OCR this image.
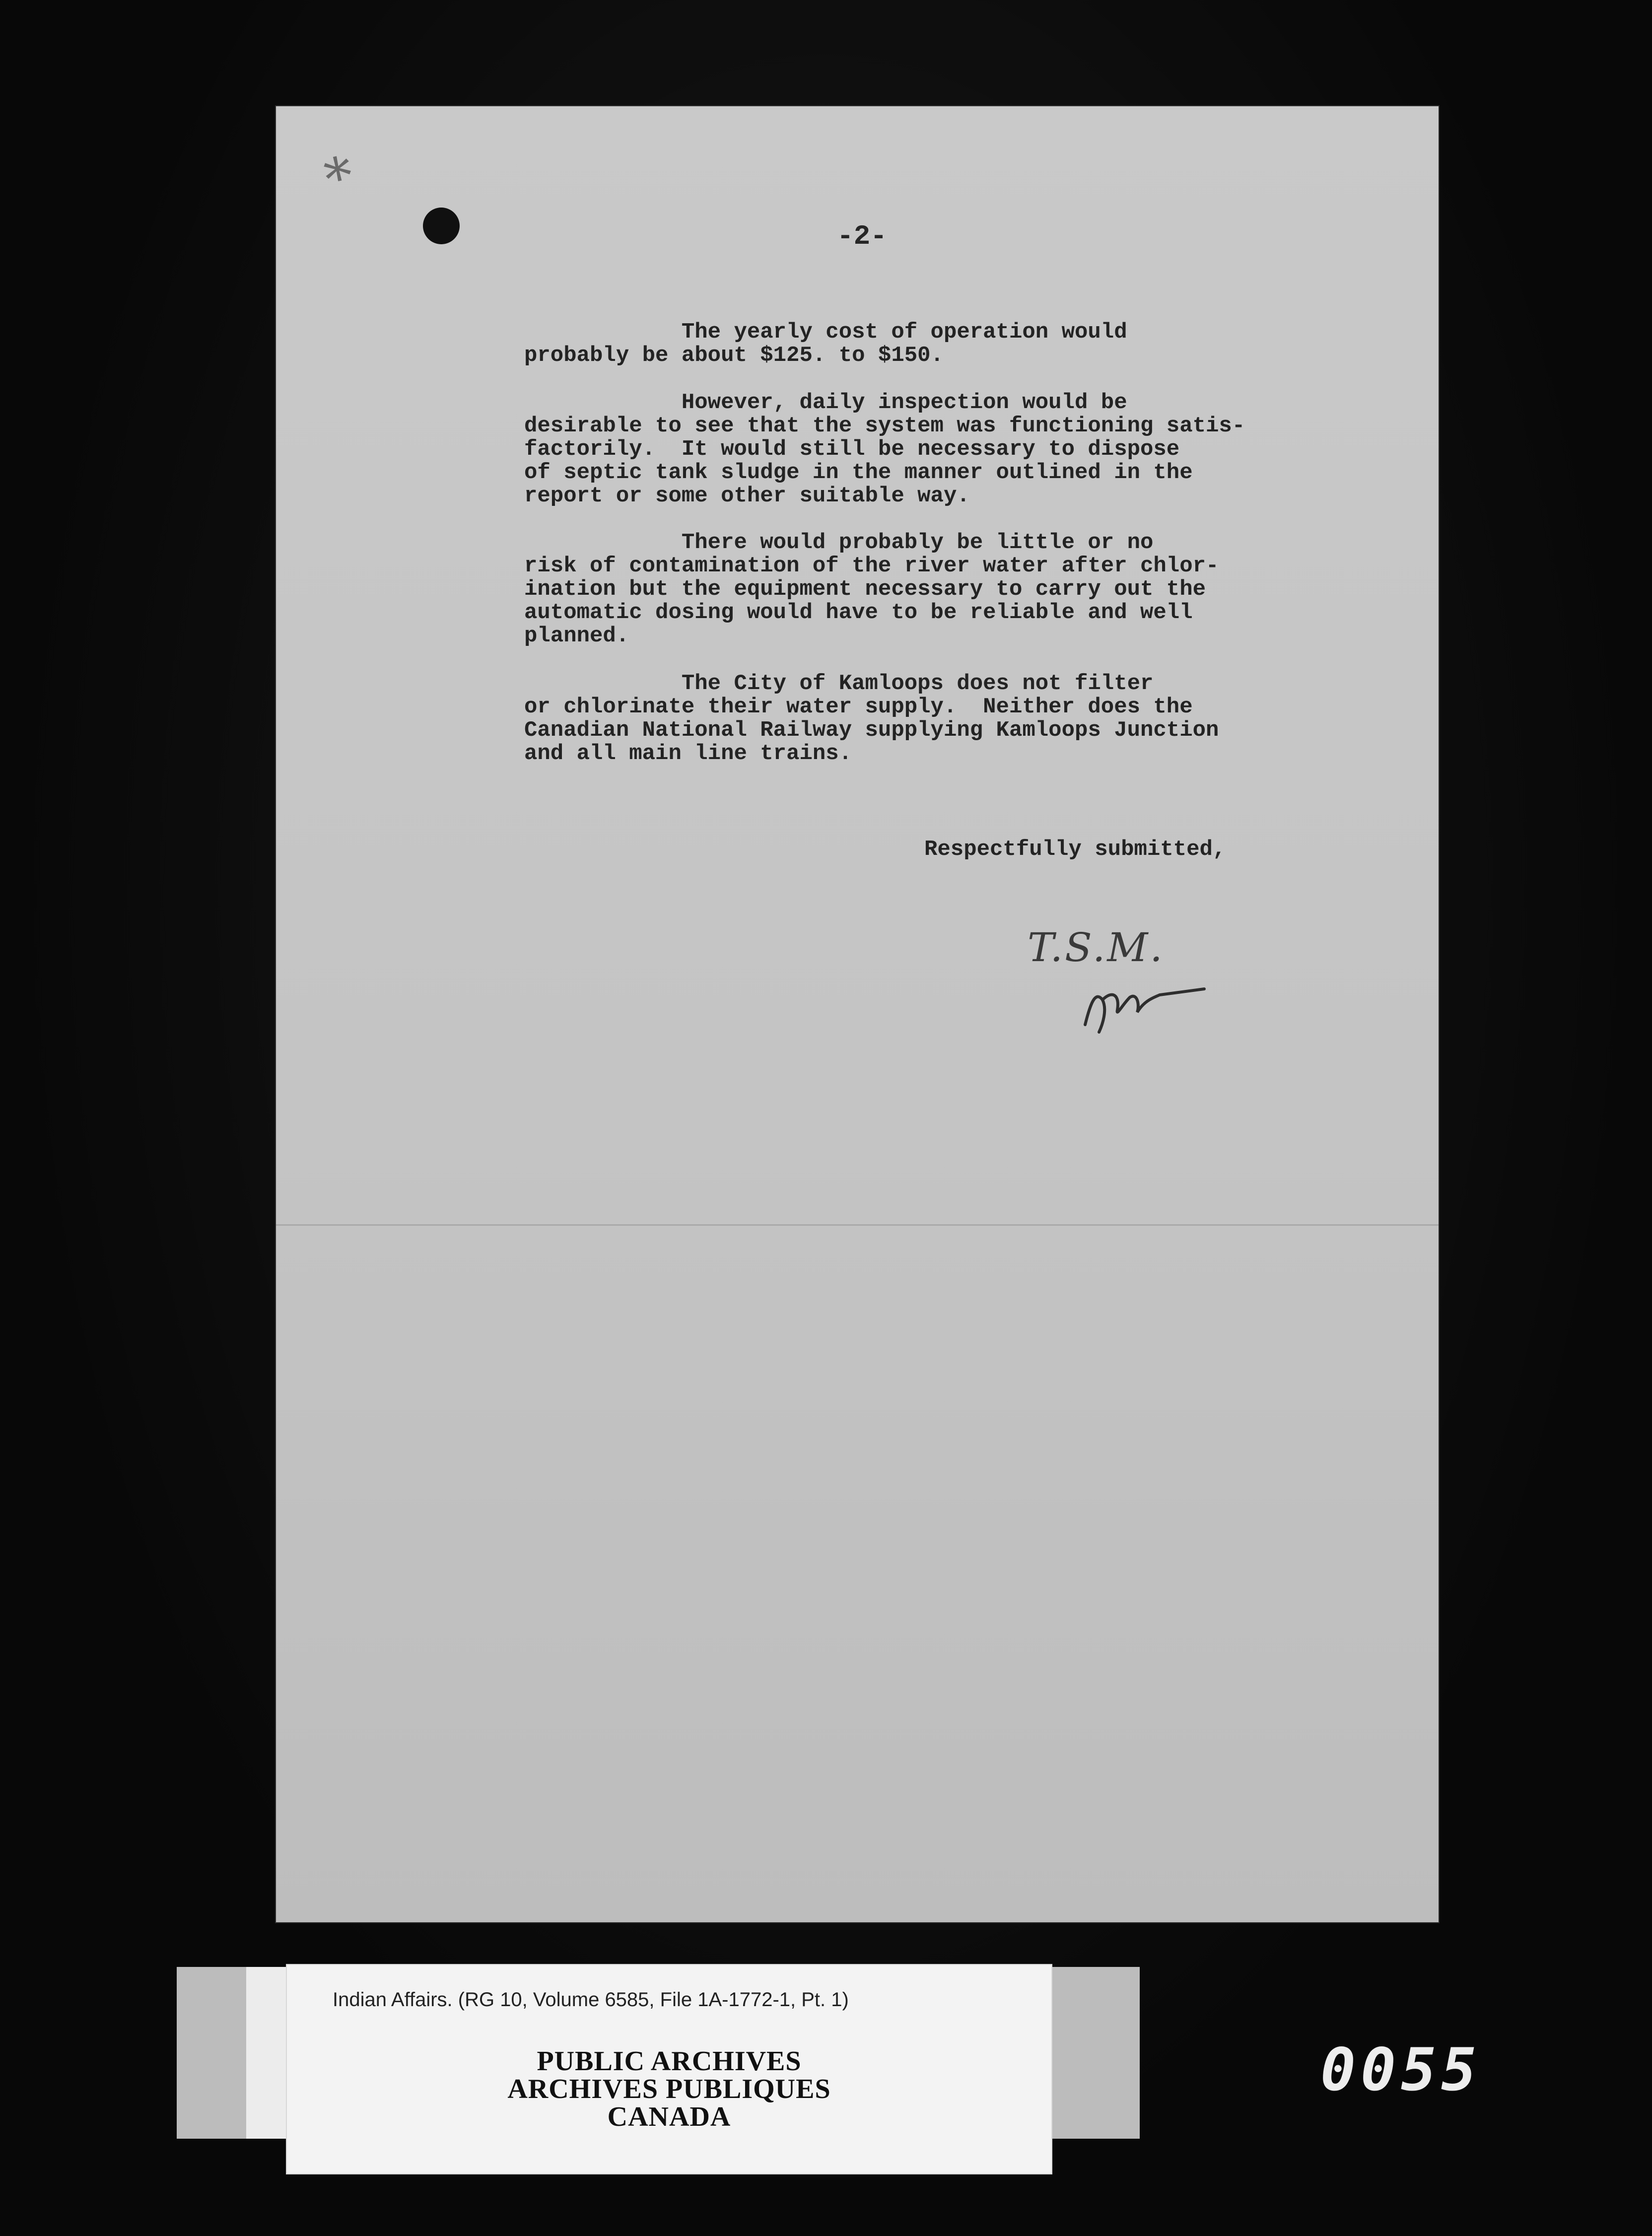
*
-2-

The yearly cost of operation would
probably be about $125. to $150.

However, daily inspection would be
desirable to see that the system was functioning satis-
factorily.  It would still be necessary to dispose
of septic tank sludge in the manner outlined in the
report or some other suitable way.

There would probably be little or no
risk of contamination of the river water after chlor-
ination but the equipment necessary to carry out the
automatic dosing would have to be reliable and well
planned.

The City of Kamloops does not filter
or chlorinate their water supply.  Neither does the
Canadian National Railway supplying Kamloops Junction
and all main line trains.

Respectfully submitted,
T.S.M.
Indian Affairs. (RG 10, Volume 6585, File 1A-1772-1, Pt. 1)
PUBLIC ARCHIVES
ARCHIVES PUBLIQUES
CANADA
0055
